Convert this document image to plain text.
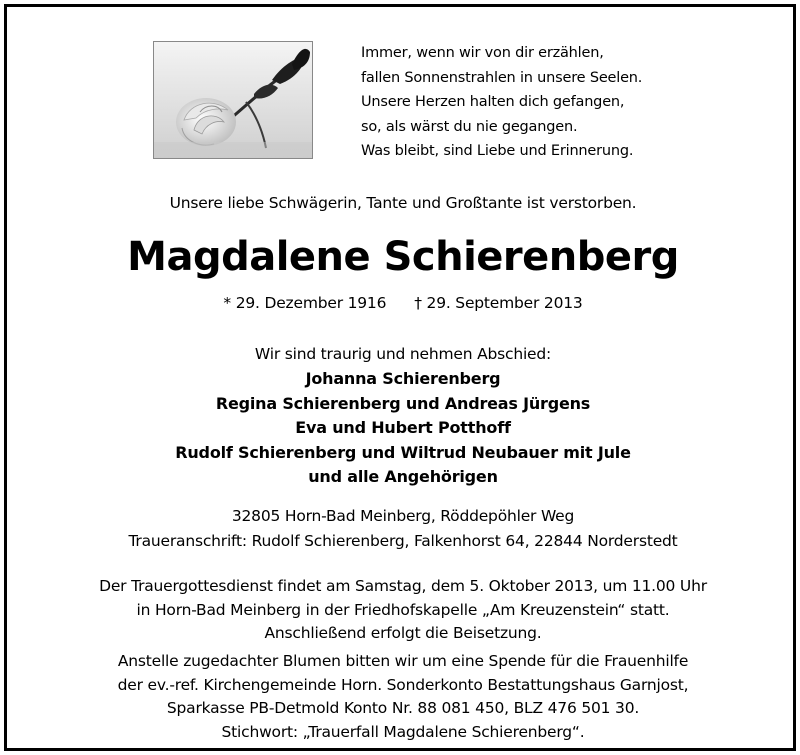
Immer, wenn wir von dir erzählen,
fallen Sonnenstrahlen in unsere Seelen.
Unsere Herzen halten dich gefangen,
so, als wärst du nie gegangen.
Was bleibt, sind Liebe und Erinnerung.
Unsere liebe Schwägerin, Tante und Großtante ist verstorben.
Magdalene Schierenberg
* 29. Dezember 1916 † 29. September 2013
Wir sind traurig und nehmen Abschied:
Johanna Schierenberg
Regina Schierenberg und Andreas Jürgens
Eva und Hubert Potthoff
Rudolf Schierenberg und Wiltrud Neubauer mit Jule
und alle Angehörigen
32805 Horn-Bad Meinberg, Röddepöhler Weg
Traueranschrift: Rudolf Schierenberg, Falkenhorst 64, 22844 Norderstedt
Der Trauergottesdienst findet am Samstag, dem 5. Oktober 2013, um 11.00 Uhr
in Horn-Bad Meinberg in der Friedhofskapelle „Am Kreuzenstein“ statt.
Anschließend erfolgt die Beisetzung.
Anstelle zugedachter Blumen bitten wir um eine Spende für die Frauenhilfe
der ev.-ref. Kirchengemeinde Horn. Sonderkonto Bestattungshaus Garnjost,
Sparkasse PB-Detmold Konto Nr. 88 081 450, BLZ 476 501 30.
Stichwort: „Trauerfall Magdalene Schierenberg“.
